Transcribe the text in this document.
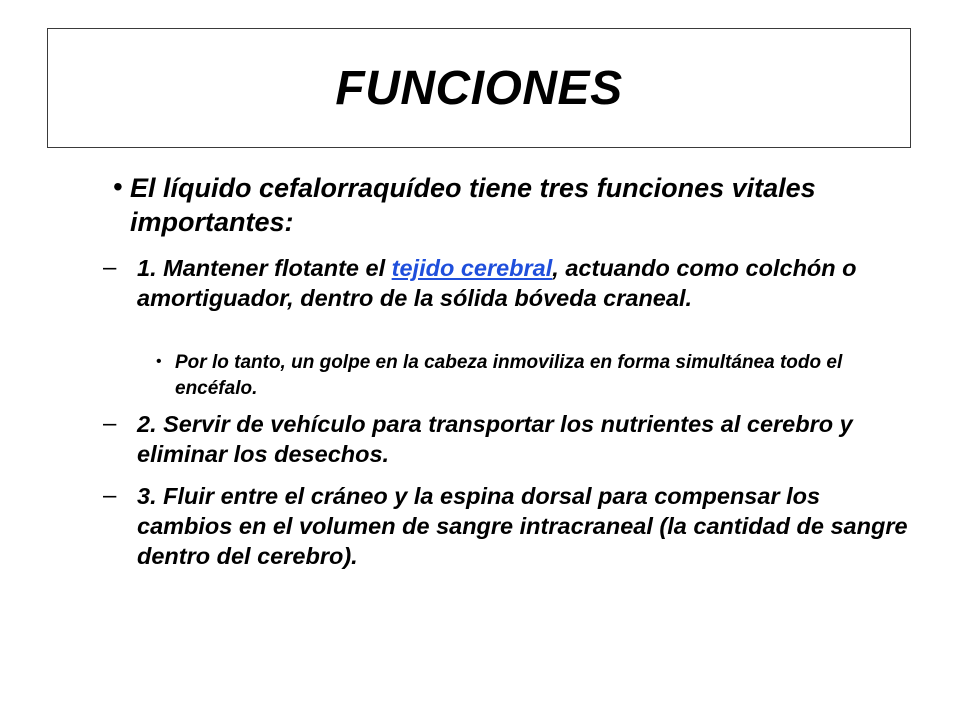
FUNCIONES
• El líquido cefalorraquídeo tiene tres funciones vitales importantes:
– 1. Mantener flotante el tejido cerebral, actuando como colchón o amortiguador, dentro de la sólida bóveda craneal.
• Por lo tanto, un golpe en la cabeza inmoviliza en forma simultánea todo el encéfalo.
– 2. Servir de vehículo para transportar los nutrientes al cerebro y eliminar los desechos.
– 3. Fluir entre el cráneo y la espina dorsal para compensar los cambios en el volumen de sangre intracraneal (la cantidad de sangre dentro del cerebro).
